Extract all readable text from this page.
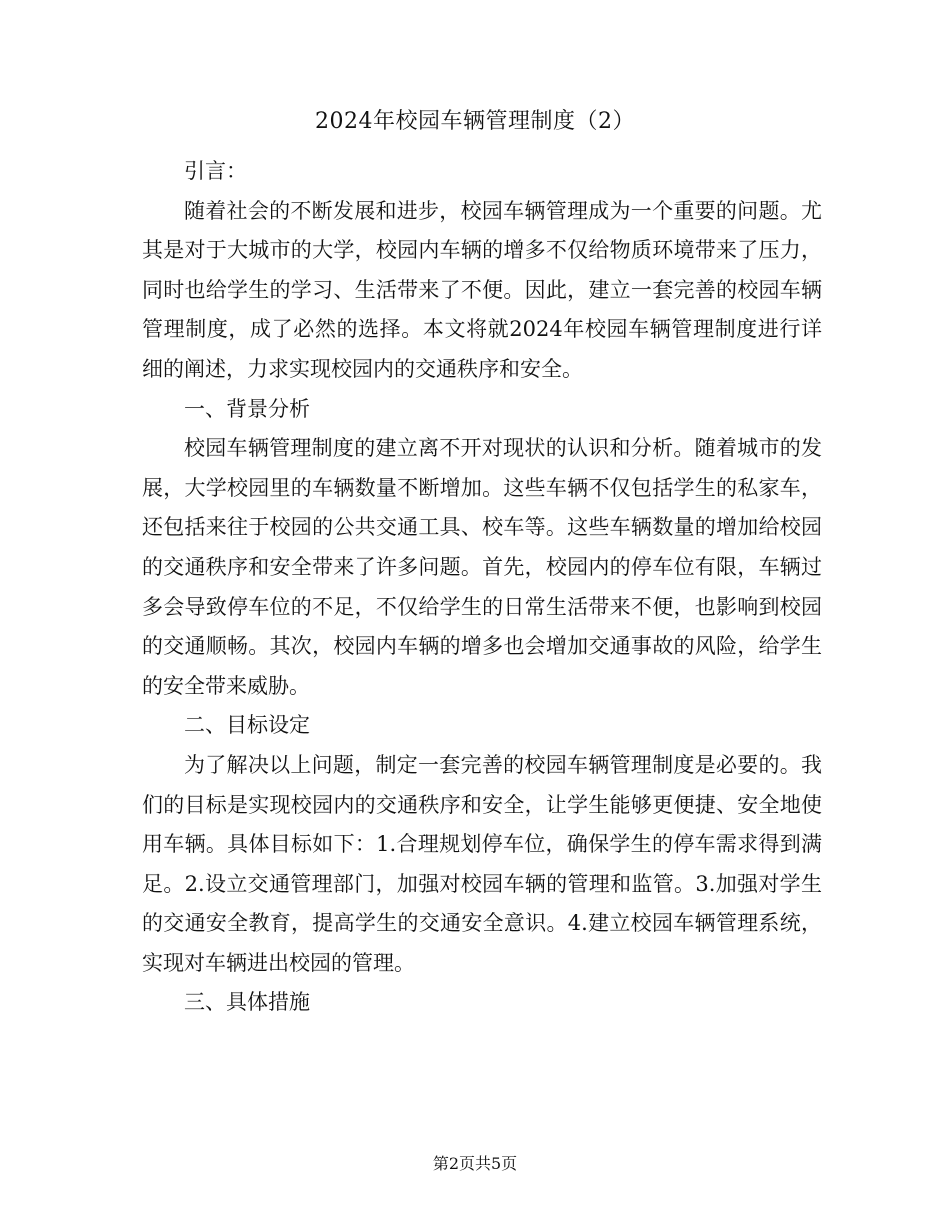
2024年校园车辆管理制度（2）

引言：

随着社会的不断发展和进步，校园车辆管理成为一个重要的问题。尤其是对于大城市的大学，校园内车辆的增多不仅给物质环境带来了压力，同时也给学生的学习、生活带来了不便。因此，建立一套完善的校园车辆管理制度，成了必然的选择。本文将就2024年校园车辆管理制度进行详细的阐述，力求实现校园内的交通秩序和安全。

一、背景分析

校园车辆管理制度的建立离不开对现状的认识和分析。随着城市的发展，大学校园里的车辆数量不断增加。这些车辆不仅包括学生的私家车，还包括来往于校园的公共交通工具、校车等。这些车辆数量的增加给校园的交通秩序和安全带来了许多问题。首先，校园内的停车位有限，车辆过多会导致停车位的不足，不仅给学生的日常生活带来不便，也影响到校园的交通顺畅。其次，校园内车辆的增多也会增加交通事故的风险，给学生的安全带来威胁。

二、目标设定

为了解决以上问题，制定一套完善的校园车辆管理制度是必要的。我们的目标是实现校园内的交通秩序和安全，让学生能够更便捷、安全地使用车辆。具体目标如下：1.合理规划停车位，确保学生的停车需求得到满足。2.设立交通管理部门，加强对校园车辆的管理和监管。3.加强对学生的交通安全教育，提高学生的交通安全意识。4.建立校园车辆管理系统，实现对车辆进出校园的管理。

三、具体措施

第2页共5页
